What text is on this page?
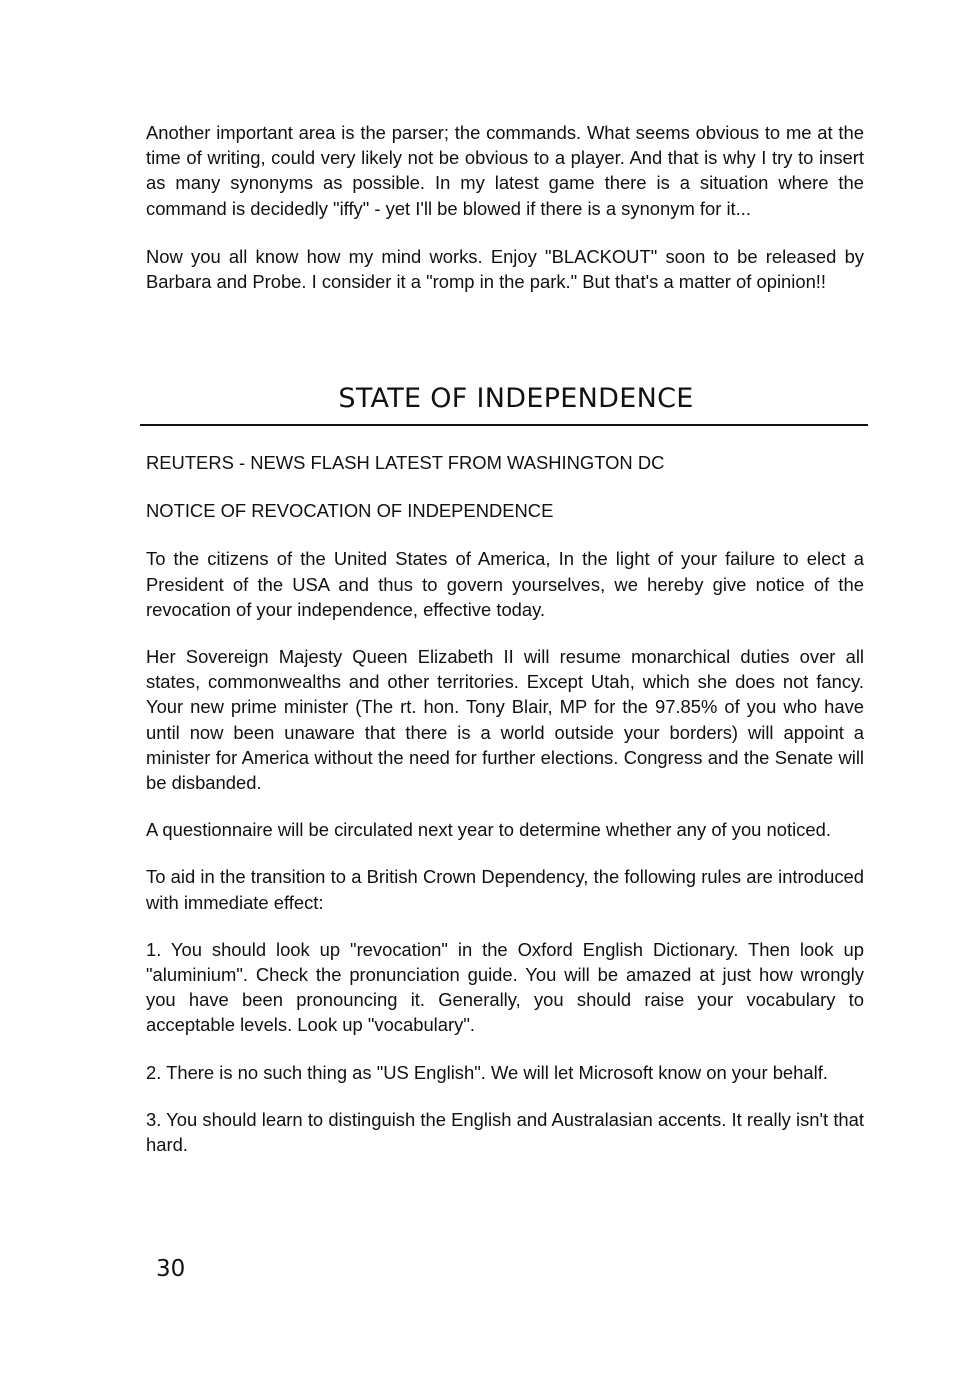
Another important area is the parser; the commands. What seems obvious to me at the time of writing, could very likely not be obvious to a player. And that is why I try to insert as many synonyms as possible. In my latest game there is a situation where the command is decidedly "iffy" - yet I'll be blowed if there is a synonym for it...

Now you all know how my mind works. Enjoy "BLACKOUT" soon to be released by Barbara and Probe. I consider it a "romp in the park." But that's a matter of opinion!!

STATE OF INDEPENDENCE

REUTERS - NEWS FLASH LATEST FROM WASHINGTON DC

NOTICE OF REVOCATION OF INDEPENDENCE

To the citizens of the United States of America, In the light of your failure to elect a President of the USA and thus to govern yourselves, we hereby give notice of the revocation of your independence, effective today.

Her Sovereign Majesty Queen Elizabeth II will resume monarchical duties over all states, commonwealths and other territories. Except Utah, which she does not fancy. Your new prime minister (The rt. hon. Tony Blair, MP for the 97.85% of you who have until now been unaware that there is a world outside your borders) will appoint a minister for America without the need for further elections. Congress and the Senate will be disbanded.

A questionnaire will be circulated next year to determine whether any of you noticed.

To aid in the transition to a British Crown Dependency, the following rules are introduced with immediate effect:

1. You should look up "revocation" in the Oxford English Dictionary. Then look up "aluminium". Check the pronunciation guide. You will be amazed at just how wrongly you have been pronouncing it. Generally, you should raise your vocabulary to acceptable levels. Look up "vocabulary".

2. There is no such thing as "US English". We will let Microsoft know on your behalf.

3. You should learn to distinguish the English and Australasian accents. It really isn't that hard.

30
